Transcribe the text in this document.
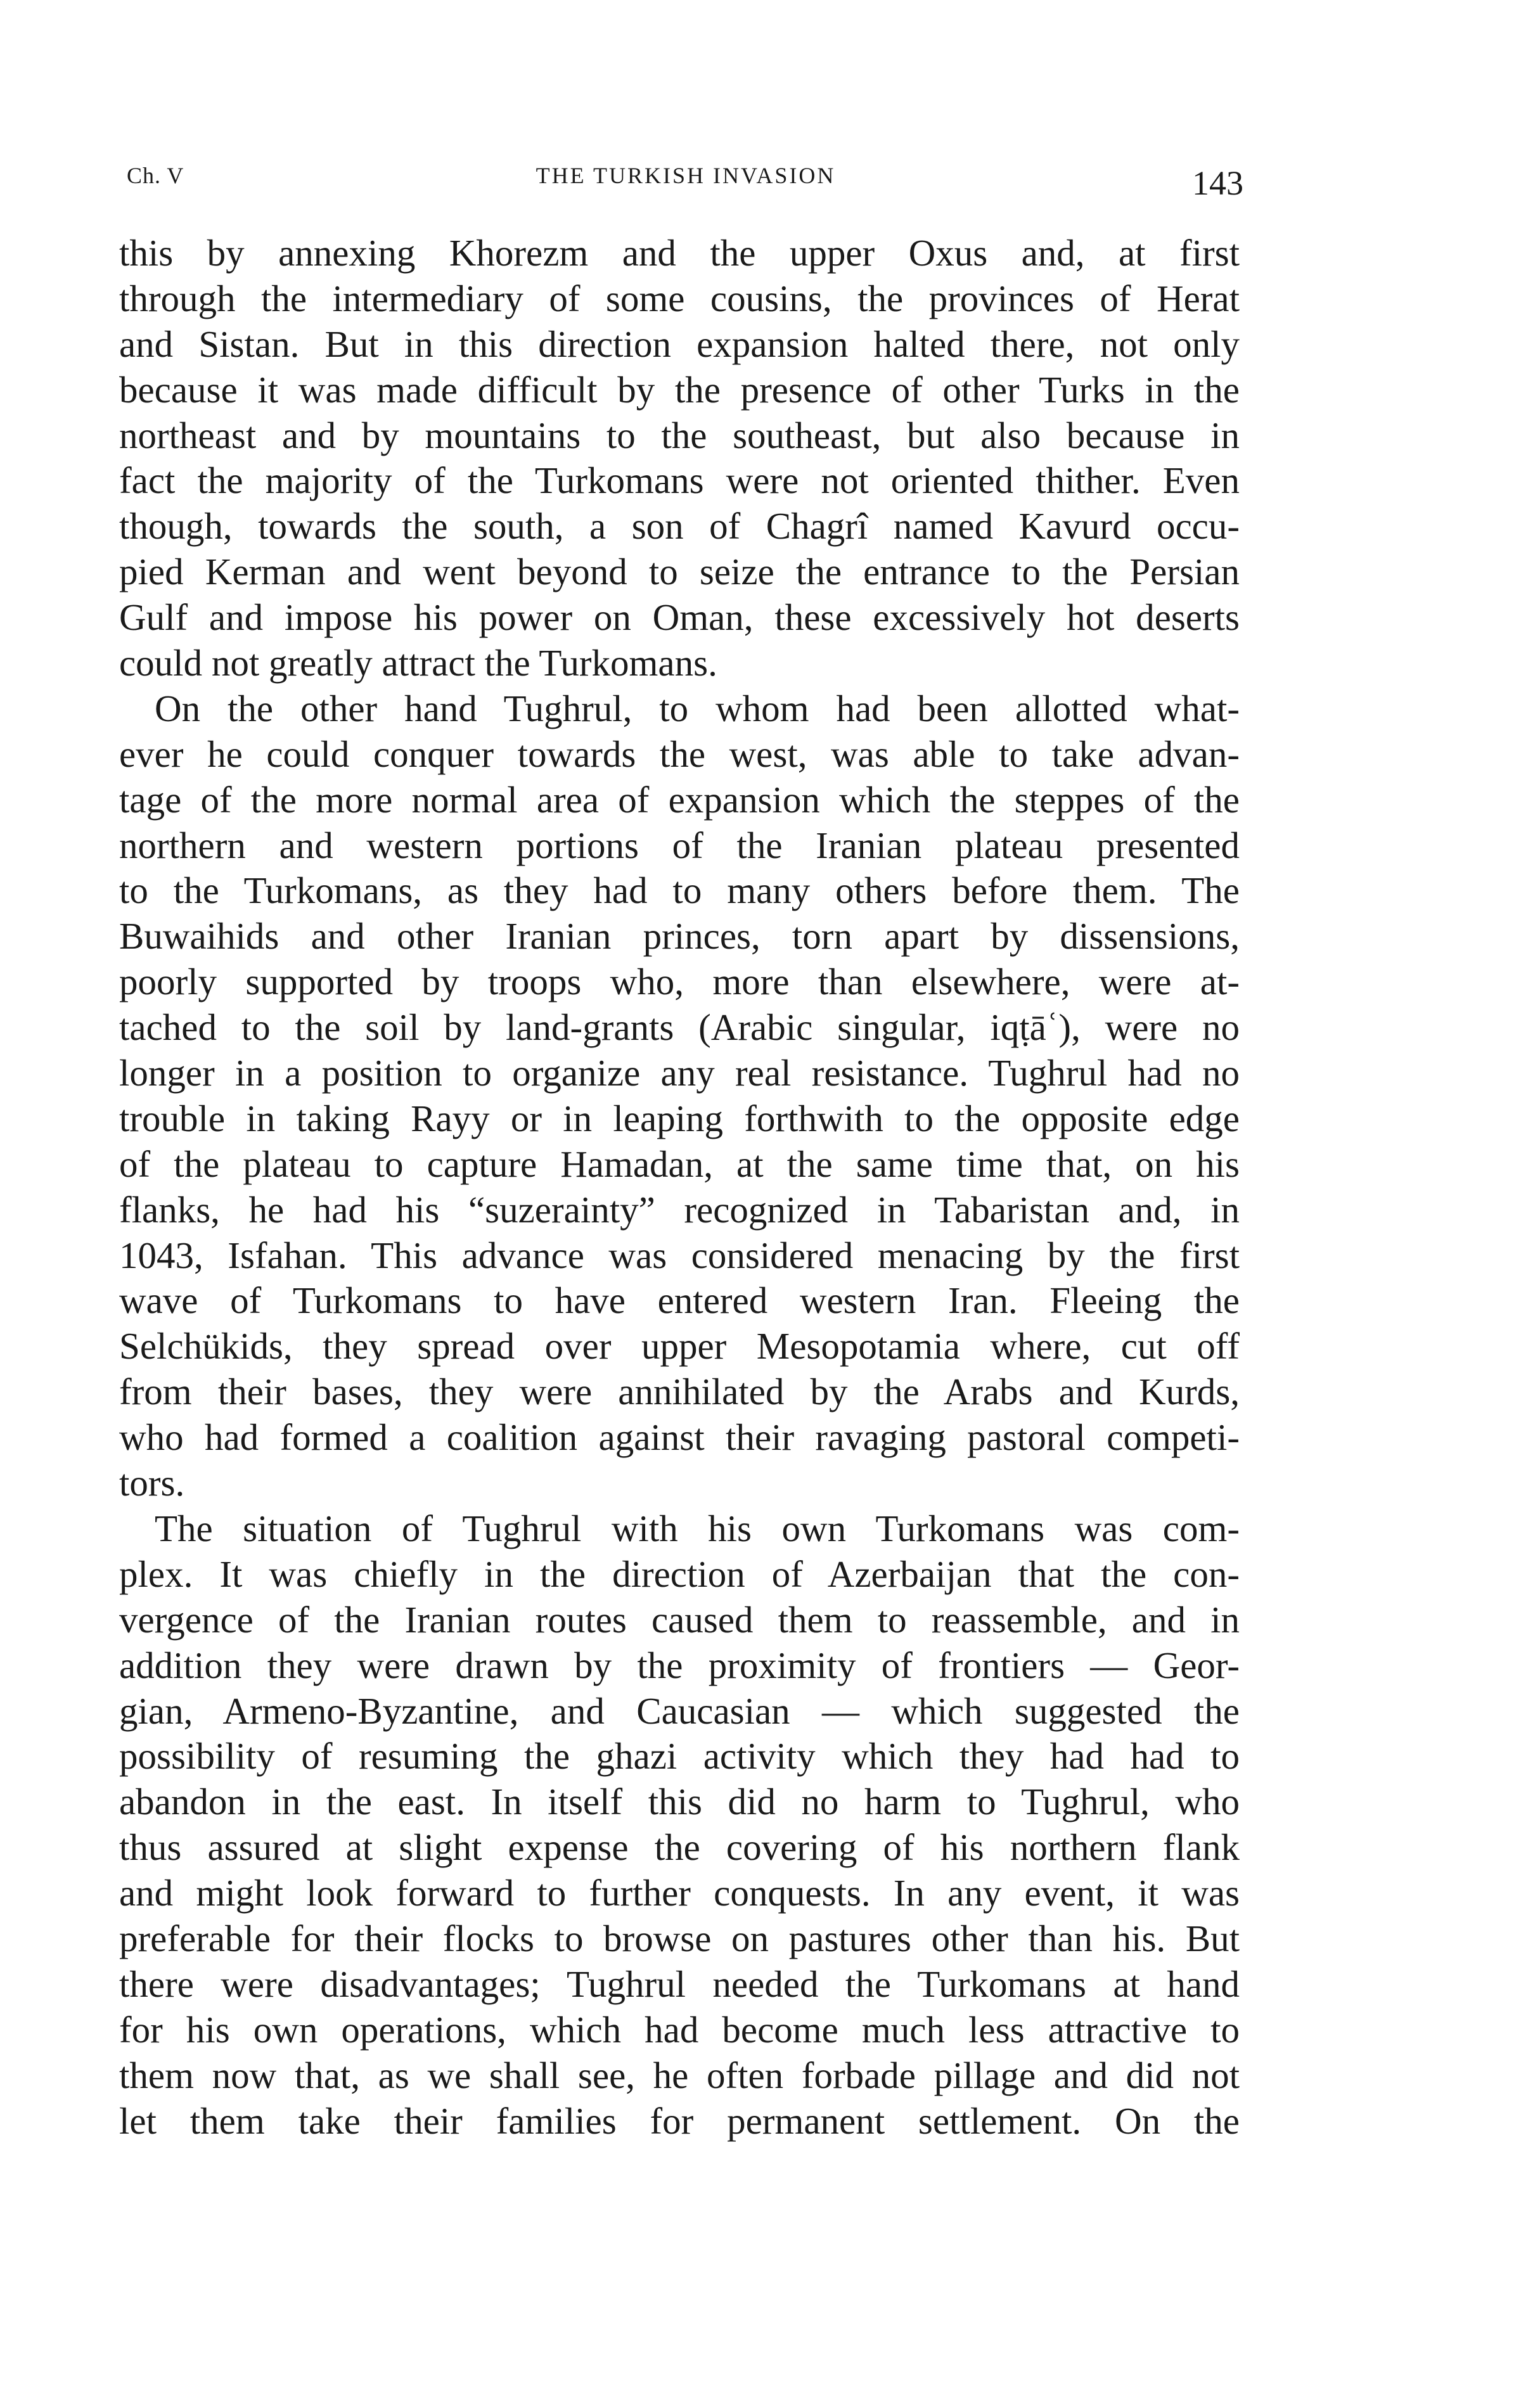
Ch. V	THE TURKISH INVASION	143
this by annexing Khorezm and the upper Oxus and, at first
through the intermediary of some cousins, the provinces of Herat
and Sistan. But in this direction expansion halted there, not only
because it was made difficult by the presence of other Turks in the
northeast and by mountains to the southeast, but also because in
fact the majority of the Turkomans were not oriented thither. Even
though, towards the south, a son of Chagrî named Kavurd occu-
pied Kerman and went beyond to seize the entrance to the Persian
Gulf and impose his power on Oman, these excessively hot deserts
could not greatly attract the Turkomans.
On the other hand Tughrul, to whom had been allotted what-
ever he could conquer towards the west, was able to take advan-
tage of the more normal area of expansion which the steppes of the
northern and western portions of the Iranian plateau presented
to the Turkomans, as they had to many others before them. The
Buwaihids and other Iranian princes, torn apart by dissensions,
poorly supported by troops who, more than elsewhere, were at-
tached to the soil by land-grants (Arabic singular, iqṭāʿ), were no
longer in a position to organize any real resistance. Tughrul had no
trouble in taking Rayy or in leaping forthwith to the opposite edge
of the plateau to capture Hamadan, at the same time that, on his
flanks, he had his “suzerainty” recognized in Tabaristan and, in
1043, Isfahan. This advance was considered menacing by the first
wave of Turkomans to have entered western Iran. Fleeing the
Selchükids, they spread over upper Mesopotamia where, cut off
from their bases, they were annihilated by the Arabs and Kurds,
who had formed a coalition against their ravaging pastoral competi-
tors.
The situation of Tughrul with his own Turkomans was com-
plex. It was chiefly in the direction of Azerbaijan that the con-
vergence of the Iranian routes caused them to reassemble, and in
addition they were drawn by the proximity of frontiers — Geor-
gian, Armeno-Byzantine, and Caucasian — which suggested the
possibility of resuming the ghazi activity which they had had to
abandon in the east. In itself this did no harm to Tughrul, who
thus assured at slight expense the covering of his northern flank
and might look forward to further conquests. In any event, it was
preferable for their flocks to browse on pastures other than his. But
there were disadvantages; Tughrul needed the Turkomans at hand
for his own operations, which had become much less attractive to
them now that, as we shall see, he often forbade pillage and did not
let them take their families for permanent settlement. On the
